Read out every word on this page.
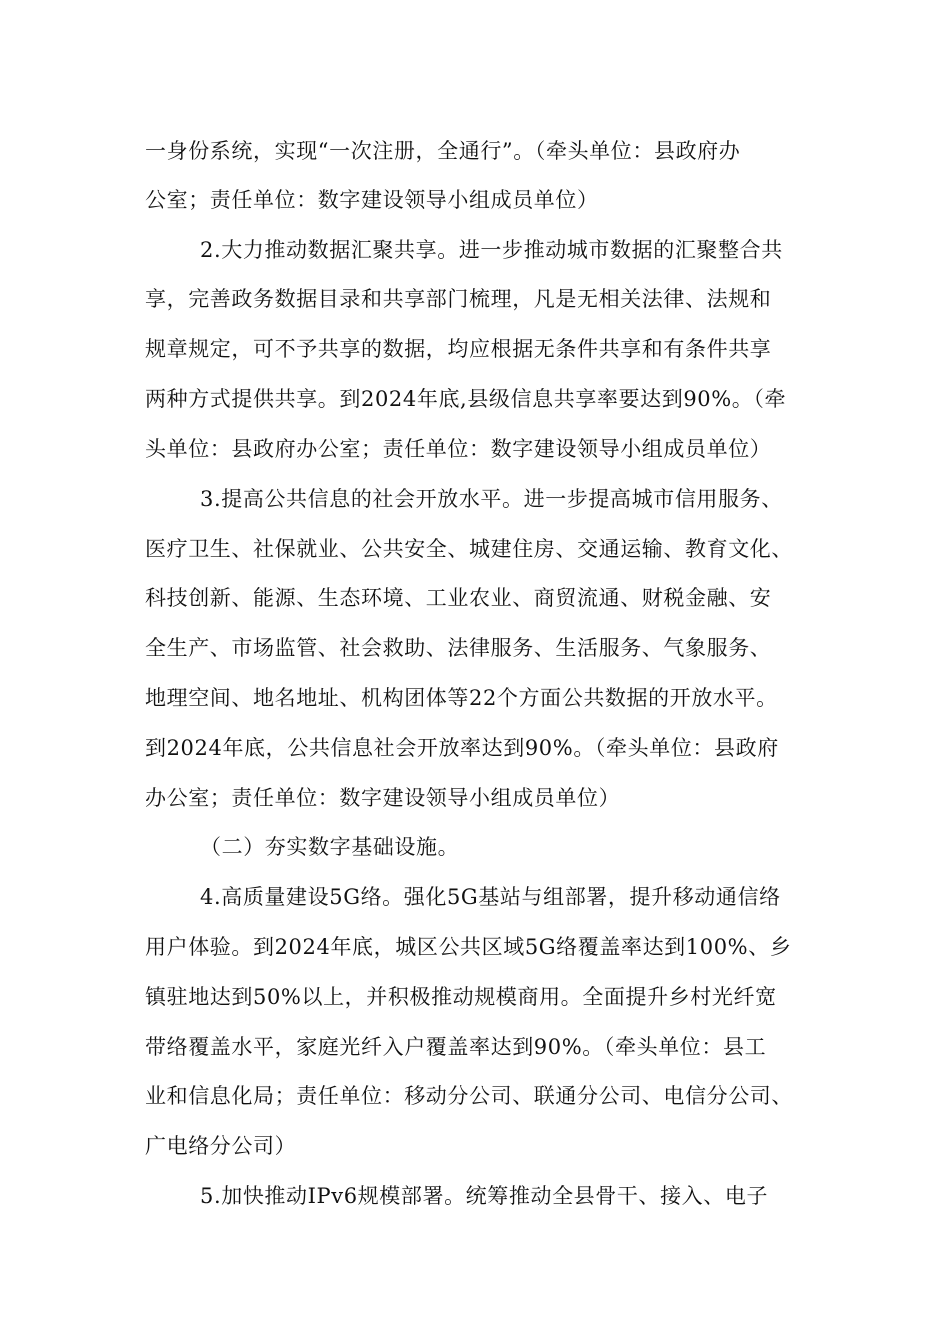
一身份系统，实现“一次注册，全通行”。（牵头单位：县政府办
公室；责任单位：数字建设领导小组成员单位）
2.大力推动数据汇聚共享。进一步推动城市数据的汇聚整合共
享，完善政务数据目录和共享部门梳理，凡是无相关法律、法规和
规章规定，可不予共享的数据，均应根据无条件共享和有条件共享
两种方式提供共享。到2024年底,县级信息共享率要达到90%。（牵
头单位：县政府办公室；责任单位：数字建设领导小组成员单位）
3.提高公共信息的社会开放水平。进一步提高城市信用服务、
医疗卫生、社保就业、公共安全、城建住房、交通运输、教育文化、
科技创新、能源、生态环境、工业农业、商贸流通、财税金融、安
全生产、市场监管、社会救助、法律服务、生活服务、气象服务、
地理空间、地名地址、机构团体等22个方面公共数据的开放水平。
到2024年底，公共信息社会开放率达到90%。（牵头单位：县政府
办公室；责任单位：数字建设领导小组成员单位）
（二）夯实数字基础设施。
4.高质量建设5G络。强化5G基站与组部署，提升移动通信络
用户体验。到2024年底，城区公共区域5G络覆盖率达到100%、乡
镇驻地达到50%以上，并积极推动规模商用。全面提升乡村光纤宽
带络覆盖水平，家庭光纤入户覆盖率达到90%。（牵头单位：县工
业和信息化局；责任单位：移动分公司、联通分公司、电信分公司、
广电络分公司）
5.加快推动IPv6规模部署。统筹推动全县骨干、接入、电子
